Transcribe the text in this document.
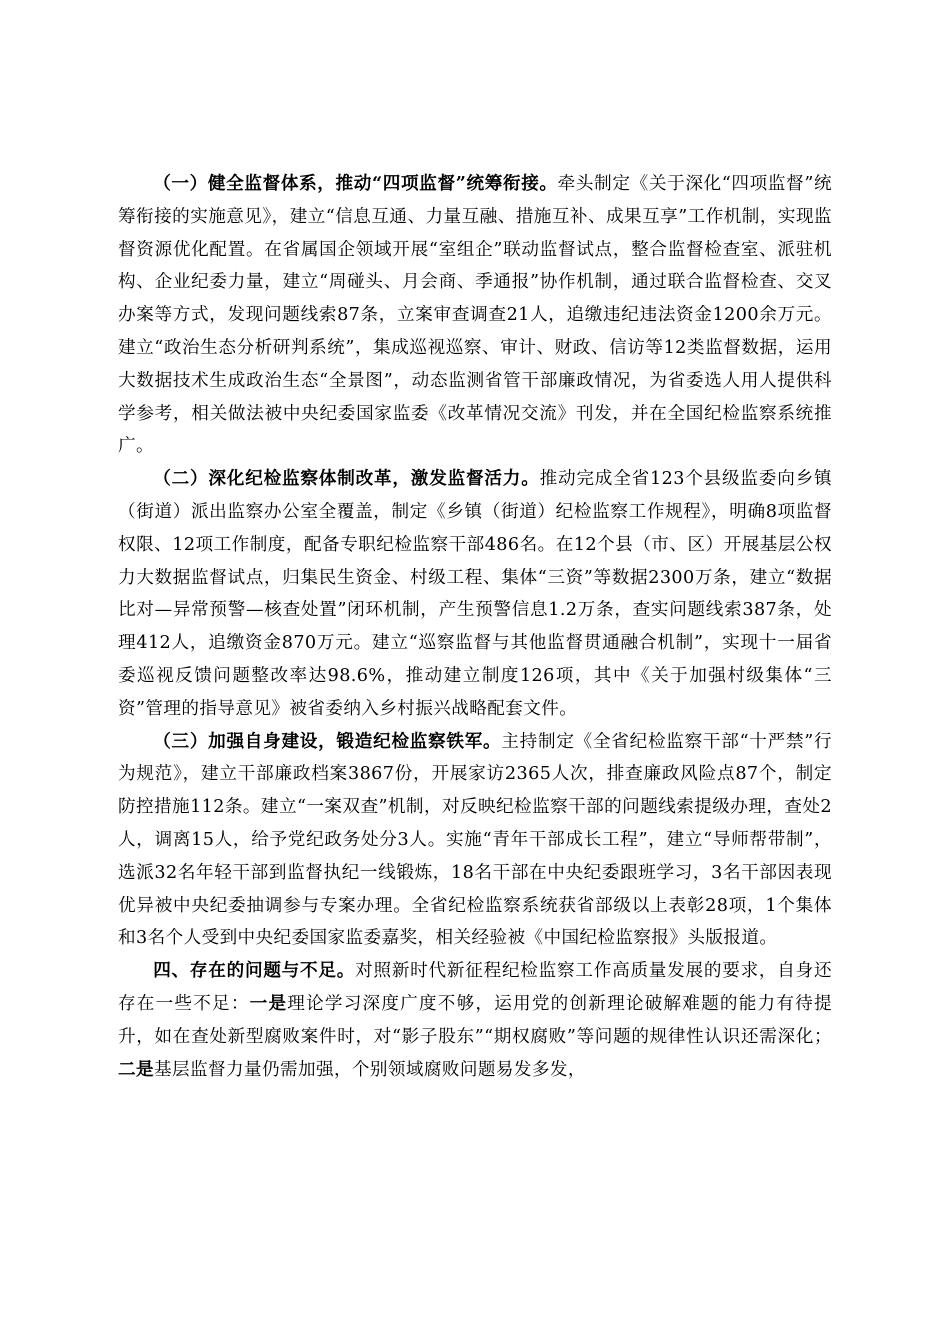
（一）健全监督体系，推动“四项监督”统筹衔接。牵头制定《关于深化“四项监督”统筹衔接的实施意见》，建立“信息互通、力量互融、措施互补、成果互享”工作机制，实现监督资源优化配置。在省属国企领域开展“室组企”联动监督试点，整合监督检查室、派驻机构、企业纪委力量，建立“周碰头、月会商、季通报”协作机制，通过联合监督检查、交叉办案等方式，发现问题线索87条，立案审查调查21人，追缴违纪违法资金1200余万元。建立“政治生态分析研判系统”，集成巡视巡察、审计、财政、信访等12类监督数据，运用大数据技术生成政治生态“全景图”，动态监测省管干部廉政情况，为省委选人用人提供科学参考，相关做法被中央纪委国家监委《改革情况交流》刊发，并在全国纪检监察系统推广。

（二）深化纪检监察体制改革，激发监督活力。推动完成全省123个县级监委向乡镇（街道）派出监察办公室全覆盖，制定《乡镇（街道）纪检监察工作规程》，明确8项监督权限、12项工作制度，配备专职纪检监察干部486名。在12个县（市、区）开展基层公权力大数据监督试点，归集民生资金、村级工程、集体“三资”等数据2300万条，建立“数据比对—异常预警—核查处置”闭环机制，产生预警信息1.2万条，查实问题线索387条，处理412人，追缴资金870万元。建立“巡察监督与其他监督贯通融合机制”，实现十一届省委巡视反馈问题整改率达98.6%，推动建立制度126项，其中《关于加强村级集体“三资”管理的指导意见》被省委纳入乡村振兴战略配套文件。

（三）加强自身建设，锻造纪检监察铁军。主持制定《全省纪检监察干部“十严禁”行为规范》，建立干部廉政档案3867份，开展家访2365人次，排查廉政风险点87个，制定防控措施112条。建立“一案双查”机制，对反映纪检监察干部的问题线索提级办理，查处2人，调离15人，给予党纪政务处分3人。实施“青年干部成长工程”，建立“导师帮带制”，选派32名年轻干部到监督执纪一线锻炼，18名干部在中央纪委跟班学习，3名干部因表现优异被中央纪委抽调参与专案办理。全省纪检监察系统获省部级以上表彰28项，1个集体和3名个人受到中央纪委国家监委嘉奖，相关经验被《中国纪检监察报》头版报道。

四、存在的问题与不足。对照新时代新征程纪检监察工作高质量发展的要求，自身还存在一些不足：一是理论学习深度广度不够，运用党的创新理论破解难题的能力有待提升，如在查处新型腐败案件时，对“影子股东”“期权腐败”等问题的规律性认识还需深化；二是基层监督力量仍需加强，个别领域腐败问题易发多发，
